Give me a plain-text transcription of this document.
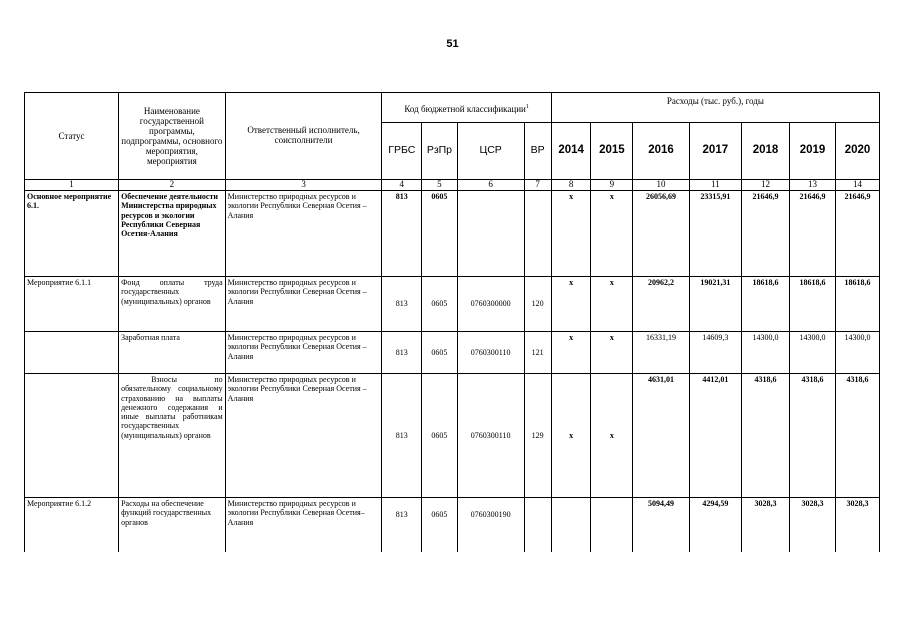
51
Статус	Наименование государственной программы, подпрограммы, основного мероприятия, мероприятия	Ответственный исполнитель, соисполнители	Код бюджетной классификации$^1$				Расходы (тыс. руб.), годы						
			ГРБС	РзПр	ЦСР	ВР	2014	2015	2016	2017	2018	2019	2020
1	2	3	4	5	6	7	8	9	10	11	12	13	14
Основное мероприятие 6.1.	Обеспечение деятельности Министерства природных ресурсов и экологии Республики Северная Осетия-Алания	Министерство природных ресурсов и экологии Республики Северная Осетия – Алания	813	0605			x	x	26056,69	23315,91	21646,9	21646,9	21646,9
Мероприятие 6.1.1	Фонд оплаты труда государственных (муниципальных) органов	Министерство природных ресурсов и экологии Республики Северная Осетия – Алания	813	0605	0760300000	120	x	x	20962,2	19021,31	18618,6	18618,6	18618,6
	Заработная плата	Министерство природных ресурсов и экологии Республики Северная Осетия – Алания	813	0605	0760300110	121	x	x	16331,19	14609,3	14300,0	14300,0	14300,0
	Взносы по обязательному социальному страхованию на выплаты денежного содержания и иные выплаты работникам государственных (муниципальных) органов	Министерство природных ресурсов и экологии Республики Северная Осетия – Алания	813	0605	0760300110	129	x	x	4631,01	4412,01	4318,6	4318,6	4318,6
Мероприятие 6.1.2	Расходы на обеспечение функций государственных органов	Министерство природных ресурсов и экологии Республики Северная Осетия–Алания	813	0605	0760300190				5094,49	4294,59	3028,3	3028,3	3028,3
